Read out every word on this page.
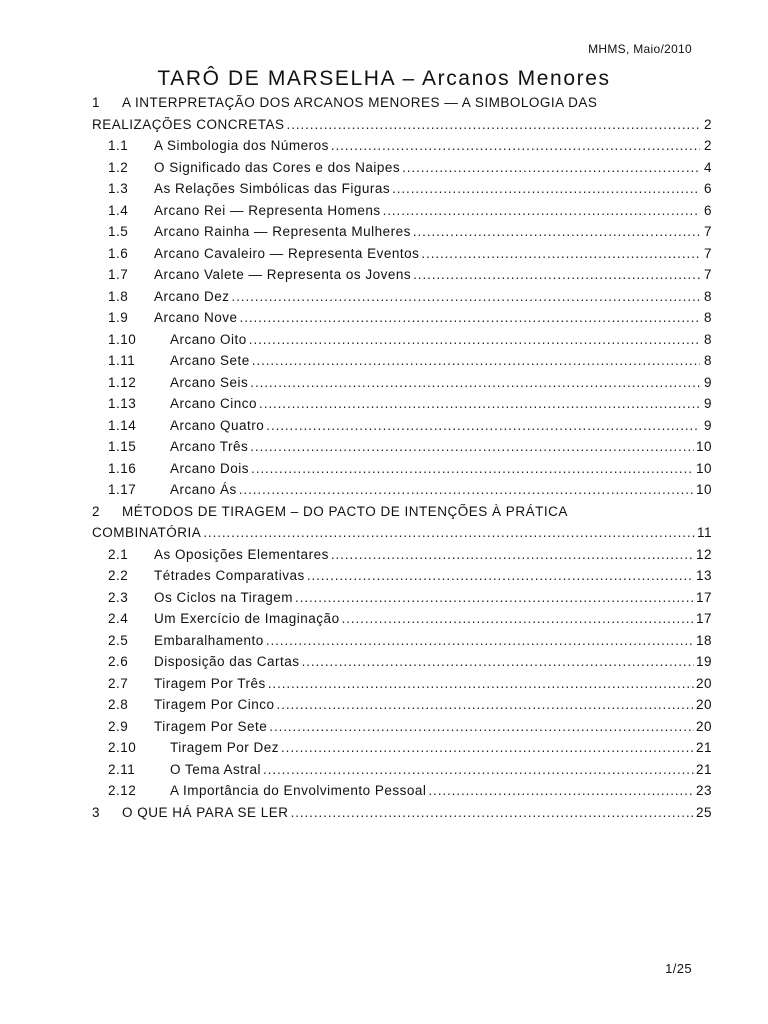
MHMS, Maio/2010
TARÔ DE MARSELHA – Arcanos Menores
1	A INTERPRETAÇÃO DOS ARCANOS MENORES — A SIMBOLOGIA DAS
REALIZAÇÕES CONCRETAS .....	2
1.1	A Simbologia dos Números .....	2
1.2	O Significado das Cores e dos Naipes .....	4
1.3	As Relações Simbólicas das Figuras .....	6
1.4	Arcano Rei — Representa Homens .....	6
1.5	Arcano Rainha — Representa Mulheres .....	7
1.6	Arcano Cavaleiro — Representa Eventos .....	7
1.7	Arcano Valete — Representa os Jovens .....	7
1.8	Arcano Dez .....	8
1.9	Arcano Nove .....	8
1.10	Arcano Oito .....	8
1.11	Arcano Sete .....	8
1.12	Arcano Seis .....	9
1.13	Arcano Cinco .....	9
1.14	Arcano Quatro .....	9
1.15	Arcano Três .....	10
1.16	Arcano Dois .....	10
1.17	Arcano Ás .....	10
2	MÉTODOS DE TIRAGEM – DO PACTO DE INTENÇÕES À PRÁTICA
COMBINATÓRIA .....	11
2.1	As Oposições Elementares .....	12
2.2	Tétrades Comparativas .....	13
2.3	Os Ciclos na Tiragem .....	17
2.4	Um Exercício de Imaginação .....	17
2.5	Embaralhamento .....	18
2.6	Disposição das Cartas .....	19
2.7	Tiragem Por Três .....	20
2.8	Tiragem Por Cinco .....	20
2.9	Tiragem Por Sete .....	20
2.10	Tiragem Por Dez .....	21
2.11	O Tema Astral .....	21
2.12	A Importância do Envolvimento Pessoal .....	23
3	O QUE HÁ PARA SE LER .....	25
1/25
